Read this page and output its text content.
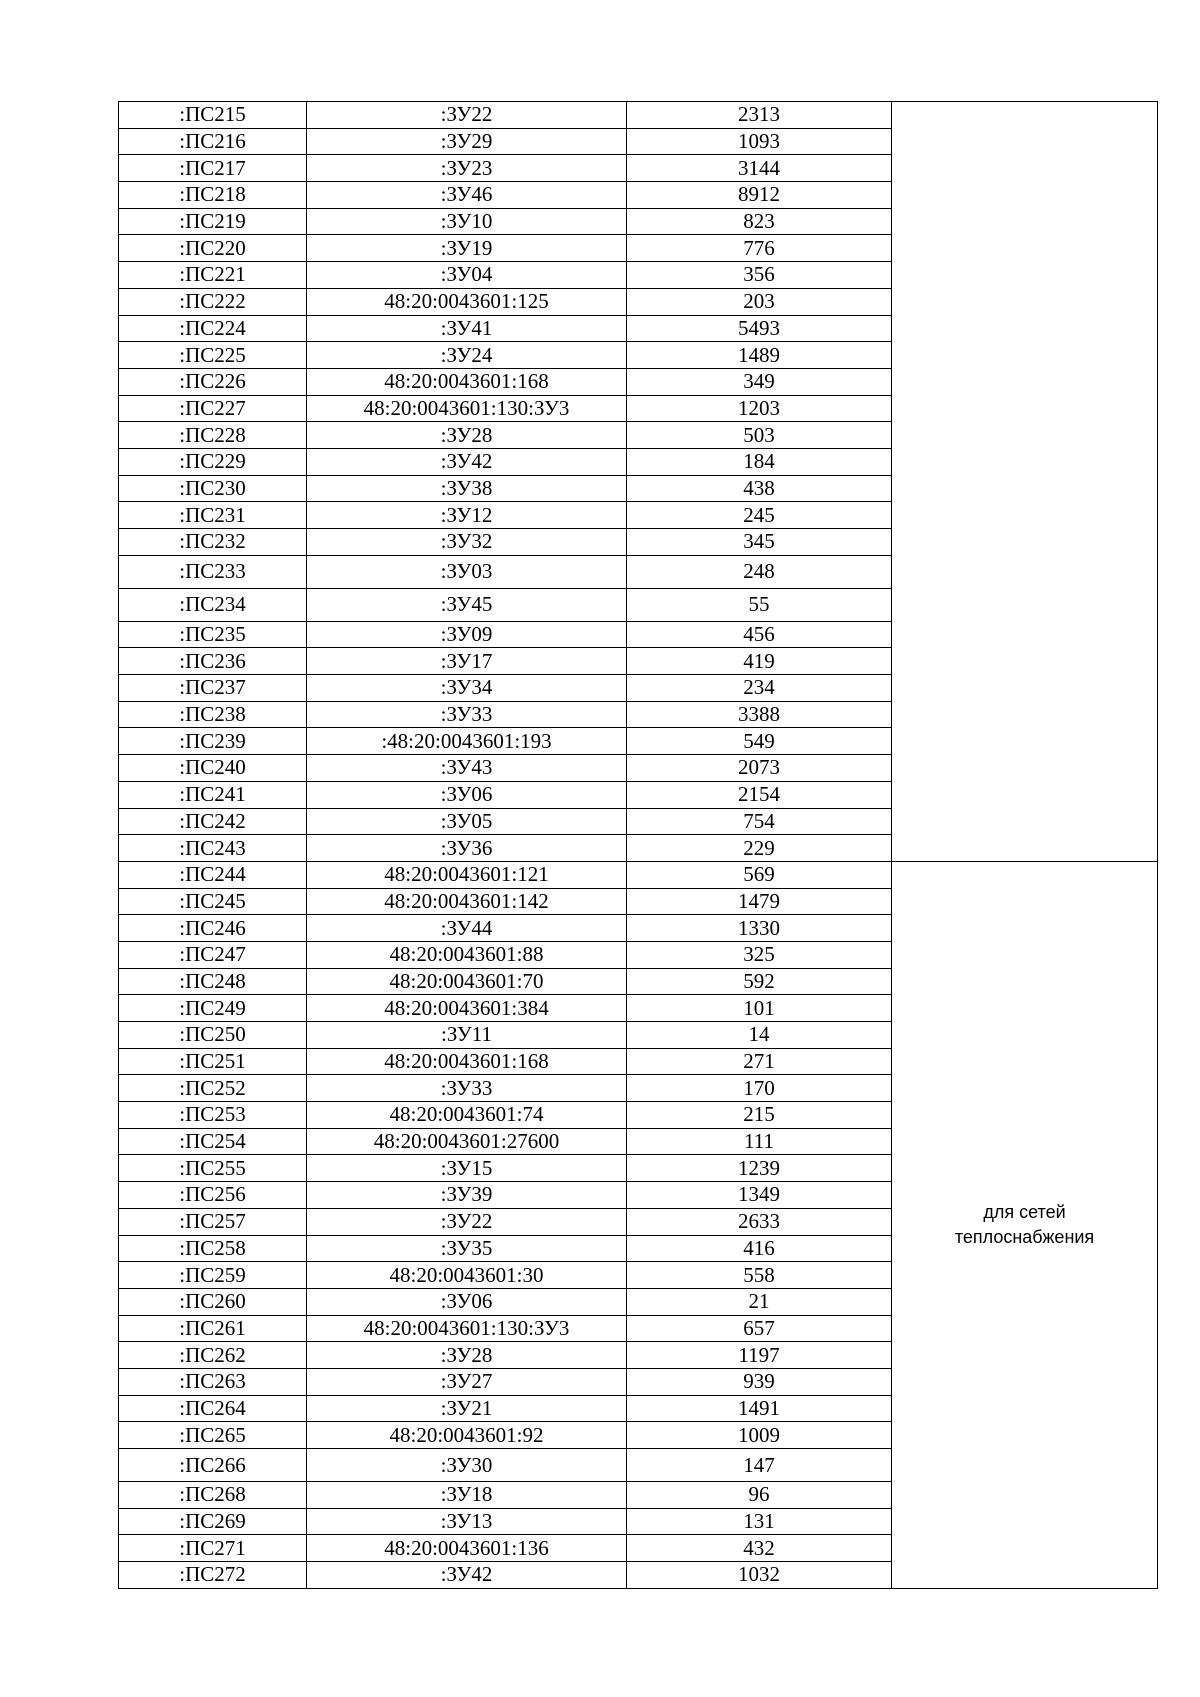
:ПС215	:ЗУ22	2313	
:ПС216	:ЗУ29	1093	
:ПС217	:ЗУ23	3144	
:ПС218	:ЗУ46	8912	
:ПС219	:ЗУ10	823	
:ПС220	:ЗУ19	776	
:ПС221	:ЗУ04	356	
:ПС222	48:20:0043601:125	203	
:ПС224	:ЗУ41	5493	
:ПС225	:ЗУ24	1489	
:ПС226	48:20:0043601:168	349	
:ПС227	48:20:0043601:130:ЗУ3	1203	
:ПС228	:ЗУ28	503	
:ПС229	:ЗУ42	184	
:ПС230	:ЗУ38	438	
:ПС231	:ЗУ12	245	
:ПС232	:ЗУ32	345	
:ПС233	:ЗУ03	248	
:ПС234	:ЗУ45	55	
:ПС235	:ЗУ09	456	
:ПС236	:ЗУ17	419	
:ПС237	:ЗУ34	234	
:ПС238	:ЗУ33	3388	
:ПС239	:48:20:0043601:193	549	
:ПС240	:ЗУ43	2073	
:ПС241	:ЗУ06	2154	
:ПС242	:ЗУ05	754	
:ПС243	:ЗУ36	229	
:ПС244	48:20:0043601:121	569	для сетей
теплоснабжения

:ПС245	48:20:0043601:142	1479	
:ПС246	:ЗУ44	1330	
:ПС247	48:20:0043601:88	325	
:ПС248	48:20:0043601:70	592	
:ПС249	48:20:0043601:384	101	
:ПС250	:ЗУ11	14	
:ПС251	48:20:0043601:168	271	
:ПС252	:ЗУ33	170	
:ПС253	48:20:0043601:74	215	
:ПС254	48:20:0043601:27600	111	
:ПС255	:ЗУ15	1239	
:ПС256	:ЗУ39	1349	
:ПС257	:ЗУ22	2633	
:ПС258	:ЗУ35	416	
:ПС259	48:20:0043601:30	558	
:ПС260	:ЗУ06	21	
:ПС261	48:20:0043601:130:ЗУ3	657	
:ПС262	:ЗУ28	1197	
:ПС263	:ЗУ27	939	
:ПС264	:ЗУ21	1491	
:ПС265	48:20:0043601:92	1009	
:ПС266	:ЗУ30	147	
:ПС268	:ЗУ18	96	
:ПС269	:ЗУ13	131	
:ПС271	48:20:0043601:136	432	
:ПС272	:ЗУ42	1032	
